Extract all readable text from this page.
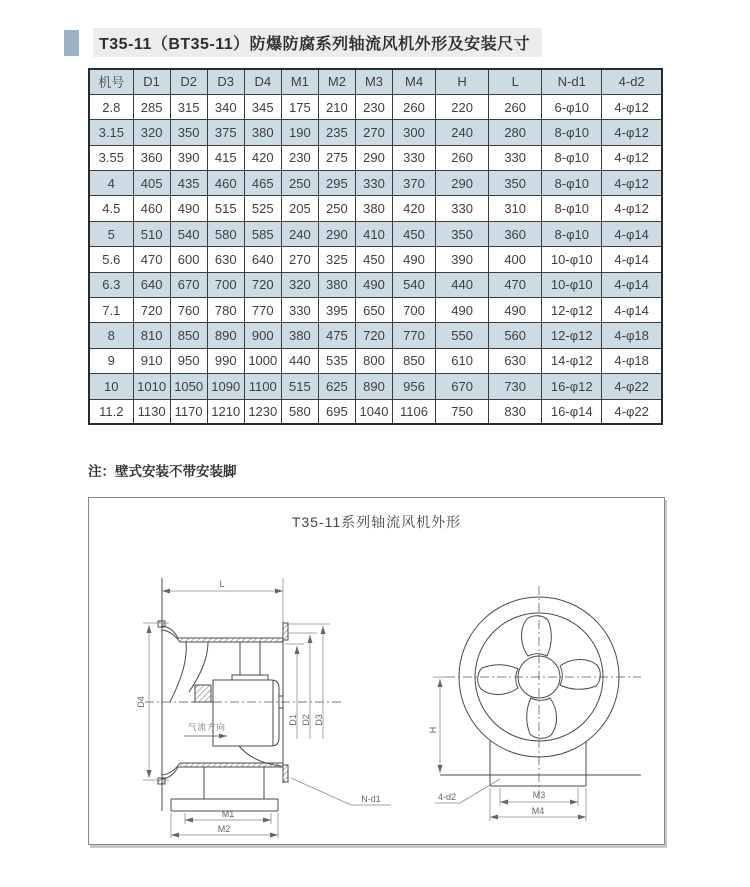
T35-11（BT35-11）防爆防腐系列轴流风机外形及安装尺寸
机号	D1	D2	D3	D4	M1	M2	M3	M4	H	L	N-d1	4-d2
2.8	285	315	340	345	175	210	230	260	220	260	6-φ10	4-φ12
3.15	320	350	375	380	190	235	270	300	240	280	8-φ10	4-φ12
3.55	360	390	415	420	230	275	290	330	260	330	8-φ10	4-φ12
4	405	435	460	465	250	295	330	370	290	350	8-φ10	4-φ12
4.5	460	490	515	525	205	250	380	420	330	310	8-φ10	4-φ12
5	510	540	580	585	240	290	410	450	350	360	8-φ10	4-φ14
5.6	470	600	630	640	270	325	450	490	390	400	10-φ10	4-φ14
6.3	640	670	700	720	320	380	490	540	440	470	10-φ10	4-φ14
7.1	720	760	780	770	330	395	650	700	490	490	12-φ12	4-φ14
8	810	850	890	900	380	475	720	770	550	560	12-φ12	4-φ18
9	910	950	990	1000	440	535	800	850	610	630	14-φ12	4-φ18
10	1010	1050	1090	1100	515	625	890	956	670	730	16-φ12	4-φ22
11.2	1130	1170	1210	1230	580	695	1040	1106	750	830	16-φ14	4-φ22

注：壁式安装不带安装脚

T35-11系列轴流风机外形
L
D4
D1 D2 D3
气流方向
M1
M2
N-d1
H
M3
M4
4-d2
